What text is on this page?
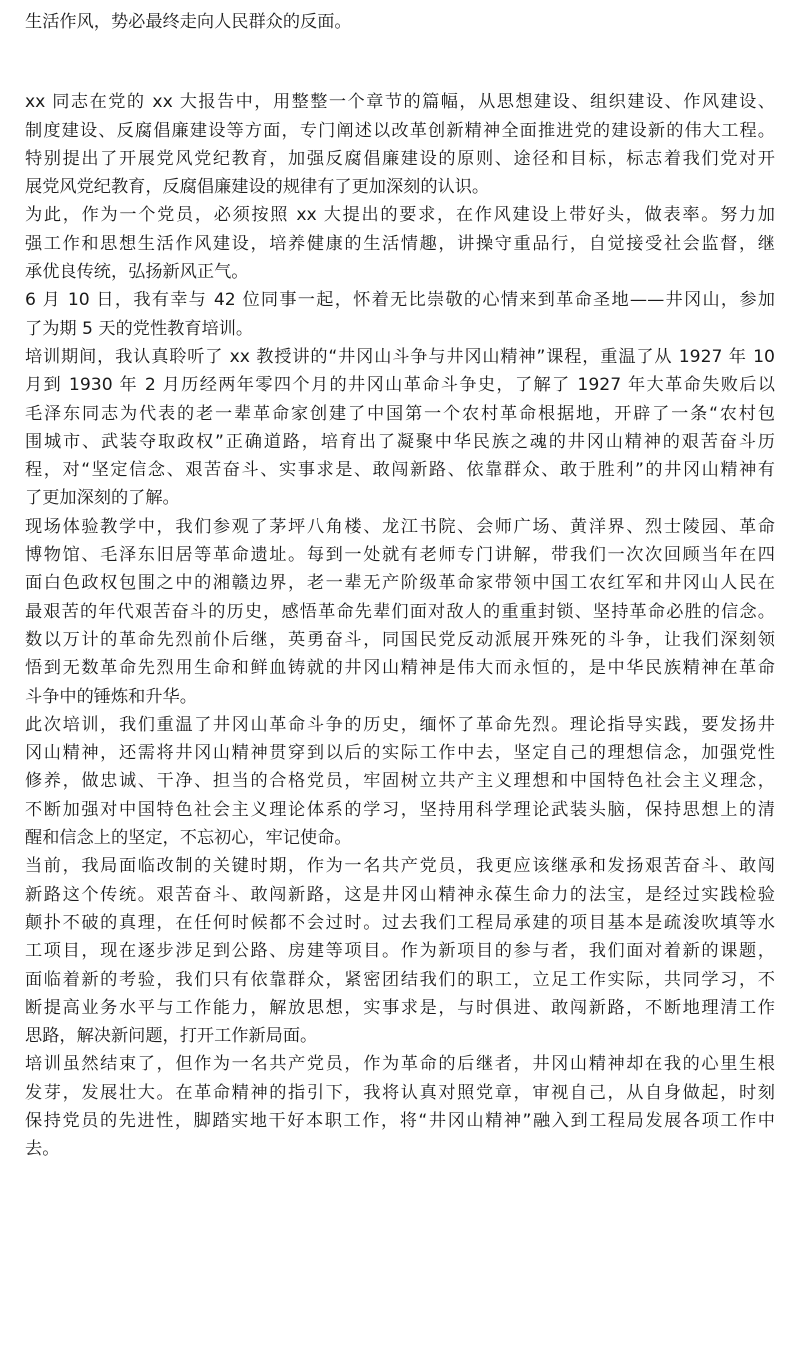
生活作风，势必最终走向人民群众的反面。
xx 同志在党的 xx 大报告中，用整整一个章节的篇幅，从思想建设、组织建设、作风建设、
制度建设、反腐倡廉建设等方面，专门阐述以改革创新精神全面推进党的建设新的伟大工程。
特别提出了开展党风党纪教育，加强反腐倡廉建设的原则、途径和目标，标志着我们党对开
展党风党纪教育，反腐倡廉建设的规律有了更加深刻的认识。
为此，作为一个党员，必须按照 xx 大提出的要求，在作风建设上带好头，做表率。努力加
强工作和思想生活作风建设，培养健康的生活情趣，讲操守重品行，自觉接受社会监督，继
承优良传统，弘扬新风正气。
6 月 10 日，我有幸与 42 位同事一起，怀着无比崇敬的心情来到革命圣地——井冈山，参加
了为期 5 天的党性教育培训。
培训期间，我认真聆听了 xx 教授讲的“井冈山斗争与井冈山精神”课程，重温了从 1927 年 10
月到 1930 年 2 月历经两年零四个月的井冈山革命斗争史，了解了 1927 年大革命失败后以
毛泽东同志为代表的老一辈革命家创建了中国第一个农村革命根据地，开辟了一条“农村包
围城市、武装夺取政权”正确道路，培育出了凝聚中华民族之魂的井冈山精神的艰苦奋斗历
程，对“坚定信念、艰苦奋斗、实事求是、敢闯新路、依靠群众、敢于胜利”的井冈山精神有
了更加深刻的了解。
现场体验教学中，我们参观了茅坪八角楼、龙江书院、会师广场、黄洋界、烈士陵园、革命
博物馆、毛泽东旧居等革命遗址。每到一处就有老师专门讲解，带我们一次次回顾当年在四
面白色政权包围之中的湘赣边界，老一辈无产阶级革命家带领中国工农红军和井冈山人民在
最艰苦的年代艰苦奋斗的历史，感悟革命先辈们面对敌人的重重封锁、坚持革命必胜的信念。
数以万计的革命先烈前仆后继，英勇奋斗，同国民党反动派展开殊死的斗争，让我们深刻领
悟到无数革命先烈用生命和鲜血铸就的井冈山精神是伟大而永恒的，是中华民族精神在革命
斗争中的锤炼和升华。
此次培训，我们重温了井冈山革命斗争的历史，缅怀了革命先烈。理论指导实践，要发扬井
冈山精神，还需将井冈山精神贯穿到以后的实际工作中去，坚定自己的理想信念，加强党性
修养，做忠诚、干净、担当的合格党员，牢固树立共产主义理想和中国特色社会主义理念，
不断加强对中国特色社会主义理论体系的学习，坚持用科学理论武装头脑，保持思想上的清
醒和信念上的坚定，不忘初心，牢记使命。
当前，我局面临改制的关键时期，作为一名共产党员，我更应该继承和发扬艰苦奋斗、敢闯
新路这个传统。艰苦奋斗、敢闯新路，这是井冈山精神永葆生命力的法宝，是经过实践检验
颠扑不破的真理，在任何时候都不会过时。过去我们工程局承建的项目基本是疏浚吹填等水
工项目，现在逐步涉足到公路、房建等项目。作为新项目的参与者，我们面对着新的课题，
面临着新的考验，我们只有依靠群众，紧密团结我们的职工，立足工作实际，共同学习，不
断提高业务水平与工作能力，解放思想，实事求是，与时俱进、敢闯新路，不断地理清工作
思路，解决新问题，打开工作新局面。
培训虽然结束了，但作为一名共产党员，作为革命的后继者，井冈山精神却在我的心里生根
发芽，发展壮大。在革命精神的指引下，我将认真对照党章，审视自己，从自身做起，时刻
保持党员的先进性，脚踏实地干好本职工作，将“井冈山精神”融入到工程局发展各项工作中
去。
